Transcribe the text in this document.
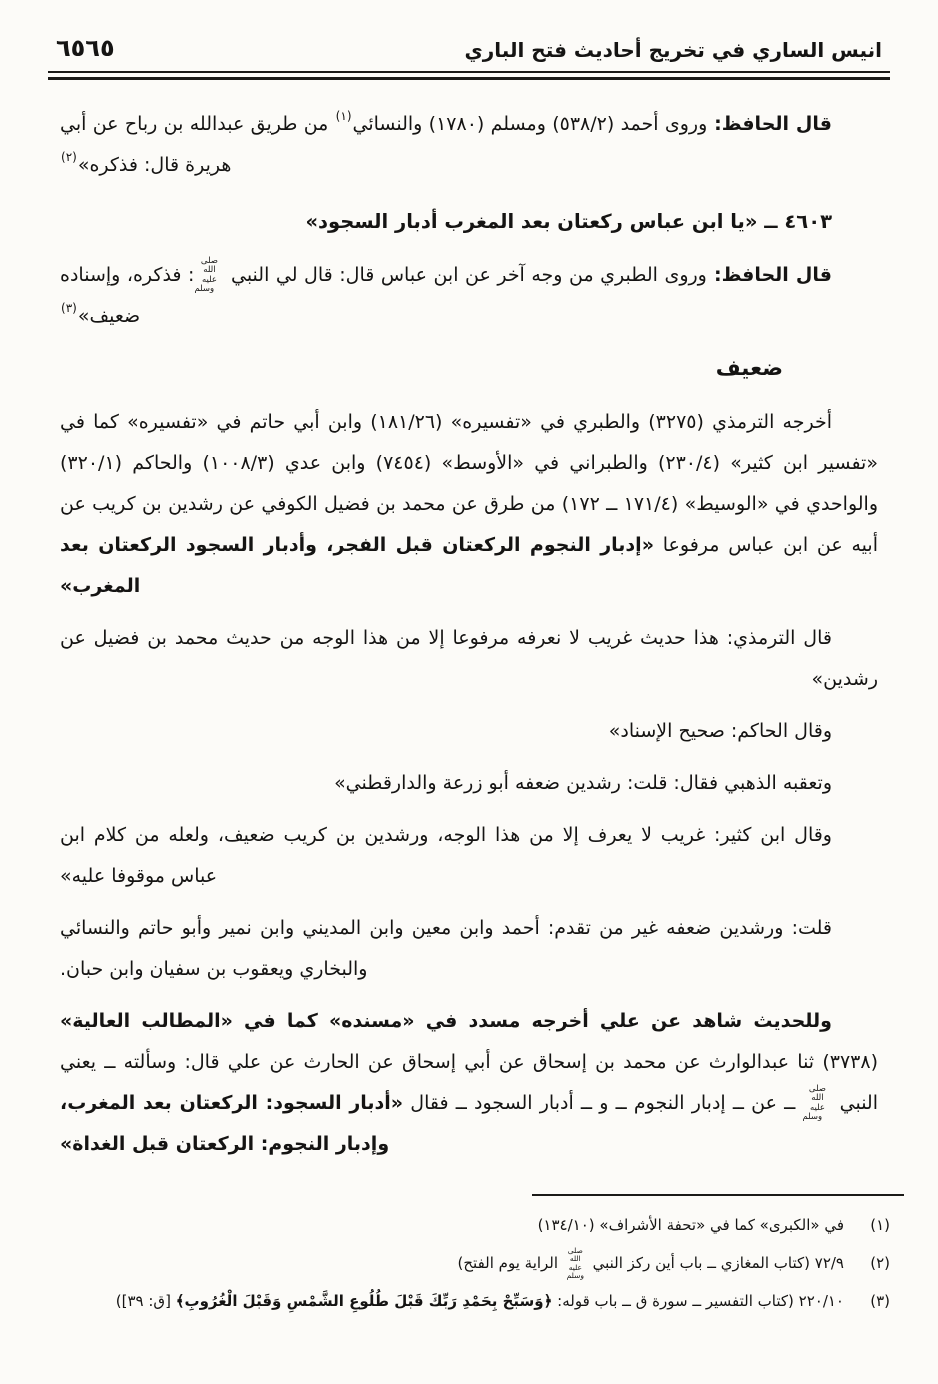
انيس الساري في تخريج أحاديث فتح الباري
٦٥٦٥

قال الحافظ: وروى أحمد (٥٣٨/٢) ومسلم (١٧٨٠) والنسائي$^{(١)}$ من طريق عبدالله بن رباح عن أبي هريرة قال: فذكره»$^{(٢)}$

٤٦٠٣ ــ «يا ابن عباس ركعتان بعد المغرب أدبار السجود»

قال الحافظ: وروى الطبري من وجه آخر عن ابن عباس قال: قال لي النبي صلى الله عليه وسلم: فذكره، وإسناده ضعيف»$^{(٣)}$

ضعيف

أخرجه الترمذي (٣٢٧٥) والطبري في «تفسيره» (١٨١/٢٦) وابن أبي حاتم في «تفسيره» كما في «تفسير ابن كثير» (٢٣٠/٤) والطبراني في «الأوسط» (٧٤٥٤) وابن عدي (١٠٠٨/٣) والحاكم (٣٢٠/١) والواحدي في «الوسيط» (١٧١/٤ ــ ١٧٢) من طرق عن محمد بن فضيل الكوفي عن رشدين بن كريب عن أبيه عن ابن عباس مرفوعا «إدبار النجوم الركعتان قبل الفجر، وأدبار السجود الركعتان بعد المغرب»

قال الترمذي: هذا حديث غريب لا نعرفه مرفوعا إلا من هذا الوجه من حديث محمد بن فضيل عن رشدين»

وقال الحاكم: صحيح الإسناد»

وتعقبه الذهبي فقال: قلت: رشدين ضعفه أبو زرعة والدارقطني»

وقال ابن كثير: غريب لا يعرف إلا من هذا الوجه، ورشدين بن كريب ضعيف، ولعله من كلام ابن عباس موقوفا عليه»

قلت: ورشدين ضعفه غير من تقدم: أحمد وابن معين وابن المديني وابن نمير وأبو حاتم والنسائي والبخاري ويعقوب بن سفيان وابن حبان.

وللحديث شاهد عن علي أخرجه مسدد في «مسنده» كما في «المطالب العالية» (٣٧٣٨) ثنا عبدالوارث عن محمد بن إسحاق عن أبي إسحاق عن الحارث عن علي قال: وسألته ــ يعني النبي صلى الله عليه وسلم ــ عن ــ إدبار النجوم ــ و ــ أدبار السجود ــ فقال «أدبار السجود: الركعتان بعد المغرب، وإدبار النجوم: الركعتان قبل الغداة»

(١)
في «الكبرى» كما في «تحفة الأشراف» (١٣٤/١٠)
(٢)
٧٢/٩ (كتاب المغازي ــ باب أين ركز النبي صلى الله عليه وسلم الراية يوم الفتح)
(٣)
٢٢٠/١٠ (كتاب التفسير ــ سورة ق ــ باب قوله: ﴿وَسَبِّحْ بِحَمْدِ رَبِّكَ قَبْلَ طُلُوعِ الشَّمْسِ وَقَبْلَ الْغُرُوبِ﴾ [ق: ٣٩])
